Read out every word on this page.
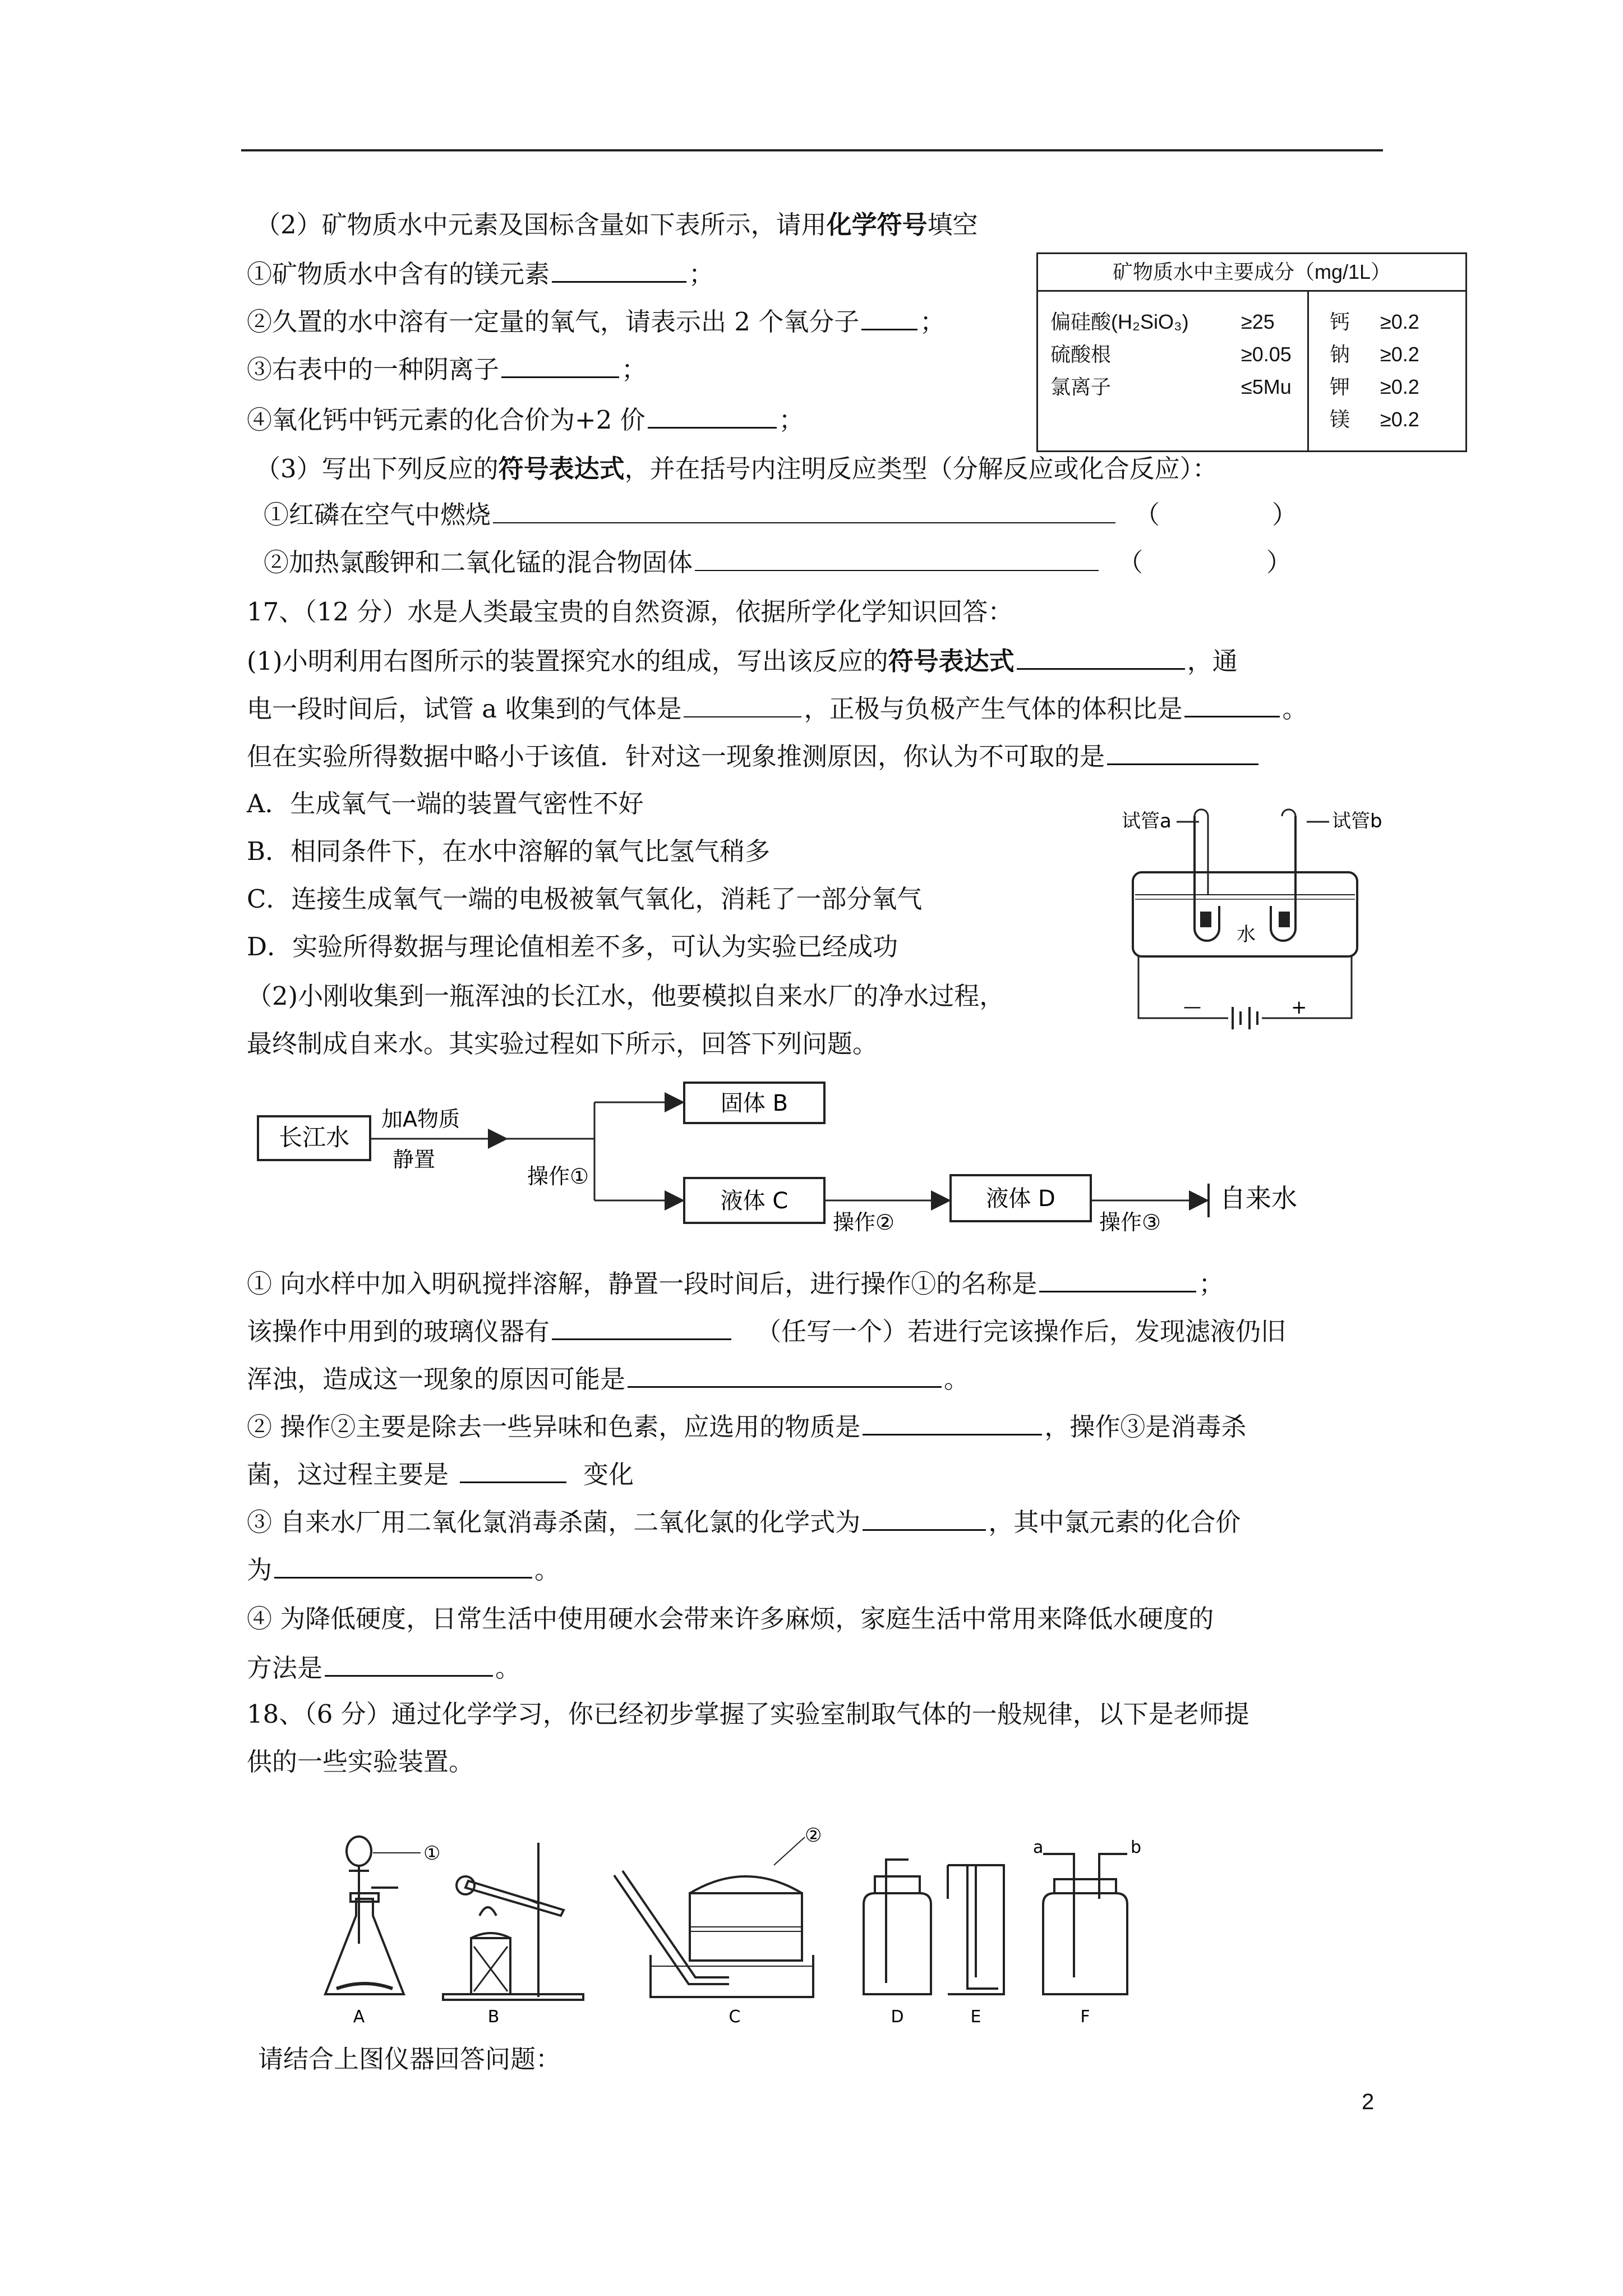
（2）矿物质水中元素及国标含量如下表所示，请用化学符号填空
①矿物质水中含有的镁元素	；
②久置的水中溶有一定量的氧气，请表示出 2 个氧分子 ；
③右表中的一种阴离子	；
④氧化钙中钙元素的化合价为+2 价	；
矿物质水中主要成分（mg/1L）
偏硅酸(H₂SiO₃)	≥25
硫酸根	≥0.05
氯离子	≤5Mu
钙 ≥0.2
钠 ≥0.2
钾 ≥0.2
镁 ≥0.2
（3）写出下列反应的符号表达式，并在括号内注明反应类型（分解反应或化合反应）：
①红磷在空气中燃烧	（	）
②加热氯酸钾和二氧化锰的混合物固体	（	）
17、（12 分）水是人类最宝贵的自然资源，依据所学化学知识回答：
(1)小明利用右图所示的装置探究水的组成，写出该反应的符号表达式	，通
电一段时间后，试管 a 收集到的气体是	，正极与负极产生气体的体积比是	。
但在实验所得数据中略小于该值．针对这一现象推测原因，你认为不可取的是
A．生成氧气一端的装置气密性不好
B．相同条件下，在水中溶解的氧气比氢气稍多
C．连接生成氧气一端的电极被氧气氧化，消耗了一部分氧气
D．实验所得数据与理论值相差不多，可认为实验已经成功
（2)小刚收集到一瓶浑浊的长江水，他要模拟自来水厂的净水过程，
最终制成自来水。其实验过程如下所示，回答下列问题。
试管a	试管b
水
—	+
长江水
加A物质
静置
操作①
固体 B
液体 C
操作②
液体 D
操作③
自来水
① 向水样中加入明矾搅拌溶解，静置一段时间后，进行操作①的名称是	；
该操作中用到的玻璃仪器有	（任写一个）若进行完该操作后，发现滤液仍旧
浑浊，造成这一现象的原因可能是	。
② 操作②主要是除去一些异味和色素，应选用的物质是	，操作③是消毒杀
菌，这过程主要是	变化
③ 自来水厂用二氧化氯消毒杀菌，二氧化氯的化学式为	，其中氯元素的化合价
为	。
④ 为降低硬度，日常生活中使用硬水会带来许多麻烦，家庭生活中常用来降低水硬度的
方法是	。
18、（6 分）通过化学学习，你已经初步掌握了实验室制取气体的一般规律，以下是老师提
供的一些实验装置。
①
②
a	b
A	B	C	D	E	F
请结合上图仪器回答问题：
2
